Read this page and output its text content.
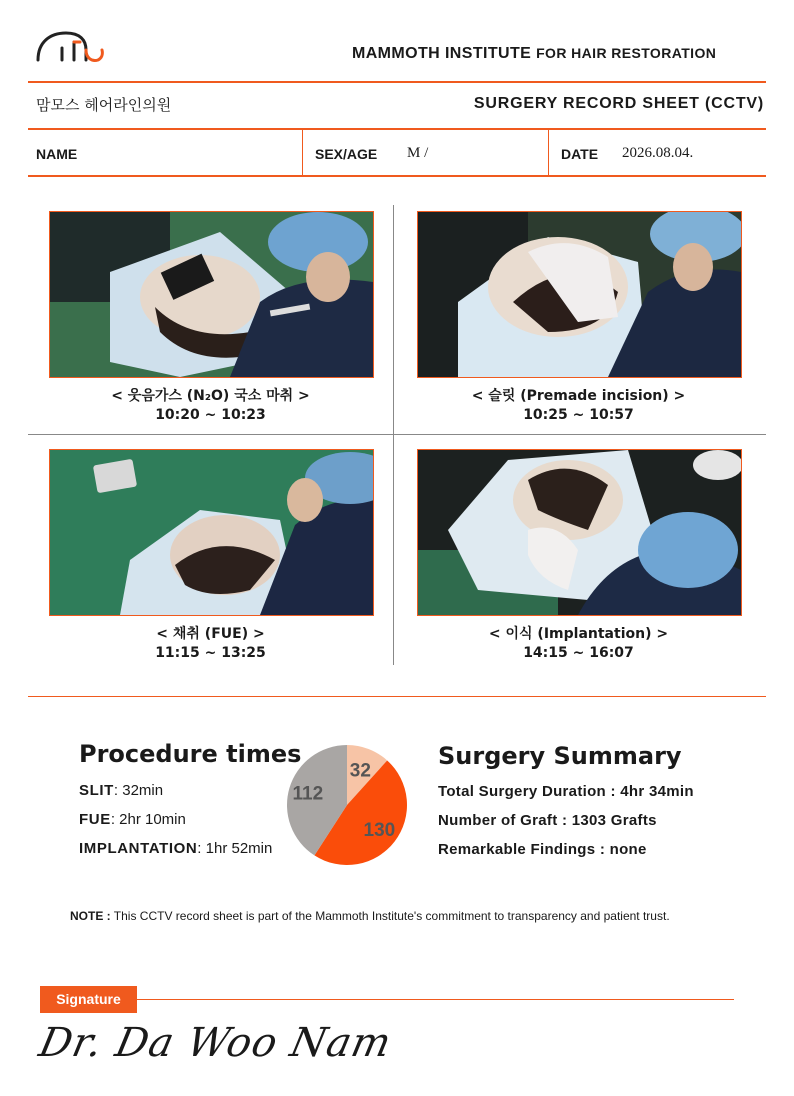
MAMMOTH INSTITUTE FOR HAIR RESTORATION
맘모스 헤어라인의원	SURGERY RECORD SHEET (CCTV)
NAME	SEX/AGE M /	DATE 2026.08.04.
< 웃음가스 (N₂O) 국소 마취 >
10:20 ~ 10:23
< 슬릿 (Premade incision) >
10:25 ~ 10:57
< 채취 (FUE) >
11:15 ~ 13:25
< 이식 (Implantation) >
14:15 ~ 16:07
Procedure times
SLIT: 32min
FUE: 2hr 10min
IMPLANTATION: 1hr 52min
32
130
112
Surgery Summary
Total Surgery Duration : 4hr 34min
Number of Graft : 1303 Grafts
Remarkable Findings : none
NOTE : This CCTV record sheet is part of the Mammoth Institute's commitment to transparency and patient trust.
Signature
Dr. Da Woo Nam
